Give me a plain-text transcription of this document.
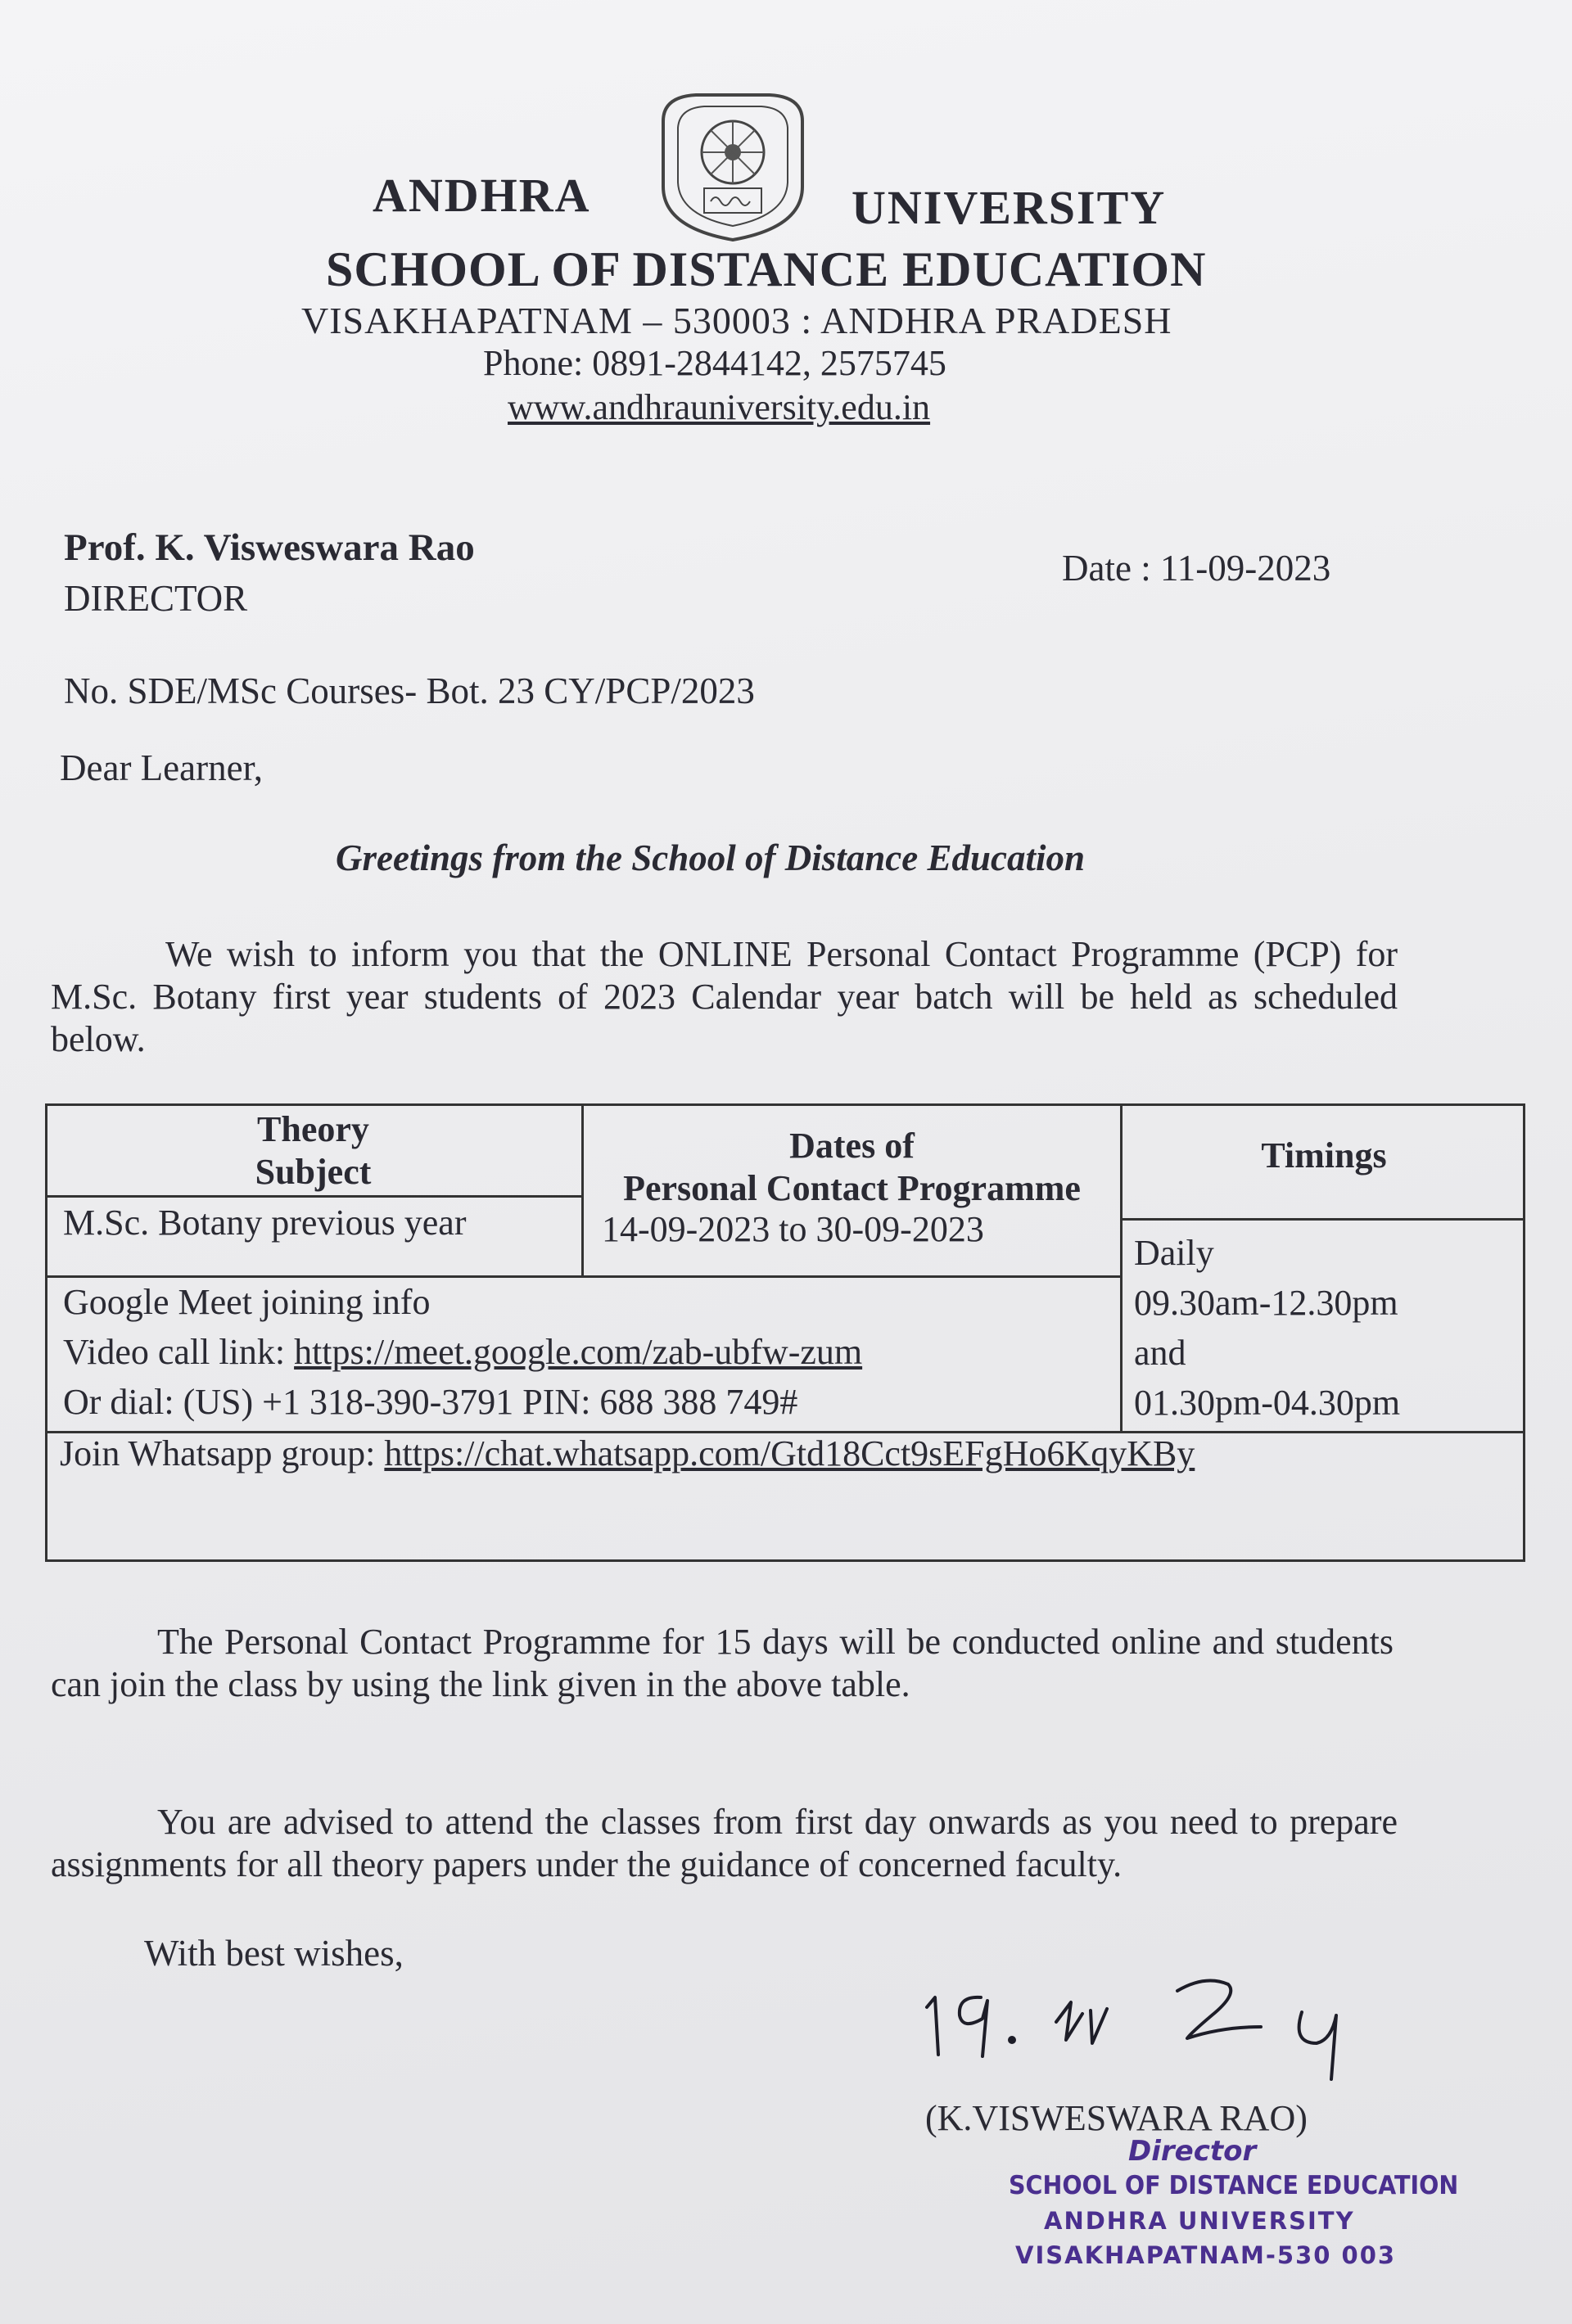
ANDHRA	UNIVERSITY
SCHOOL OF DISTANCE EDUCATION
VISAKHAPATNAM – 530003 : ANDHRA PRADESH
Phone: 0891-2844142, 2575745
www.andhrauniversity.edu.in
Prof. K. Visweswara Rao
DIRECTOR
Date : 11-09-2023
No. SDE/MSc Courses- Bot. 23 CY/PCP/2023
Dear Learner,
Greetings from the School of Distance Education
We wish to inform you that the ONLINE Personal Contact Programme (PCP) for M.Sc. Botany first year students of 2023 Calendar year batch will be held as scheduled below.
Theory
Subject
Dates of
Personal Contact Programme
Timings
M.Sc. Botany previous year	14-09-2023 to 30-09-2023
Daily
09.30am-12.30pm
and
01.30pm-04.30pm
Google Meet joining info
Video call link: https://meet.google.com/zab-ubfw-zum
Or dial: (US) +1 318-390-3791 PIN: 688 388 749#
Join Whatsapp group: https://chat.whatsapp.com/Gtd18Cct9sEFgHo6KqyKBy
The Personal Contact Programme for 15 days will be conducted online and students can join the class by using the link given in the above table.
You are advised to attend the classes from first day onwards as you need to prepare assignments for all theory papers under the guidance of concerned faculty.
With best wishes,
(K.VISWESWARA RAO)
Director
SCHOOL OF DISTANCE EDUCATION
ANDHRA UNIVERSITY
VISAKHAPATNAM-530 003
